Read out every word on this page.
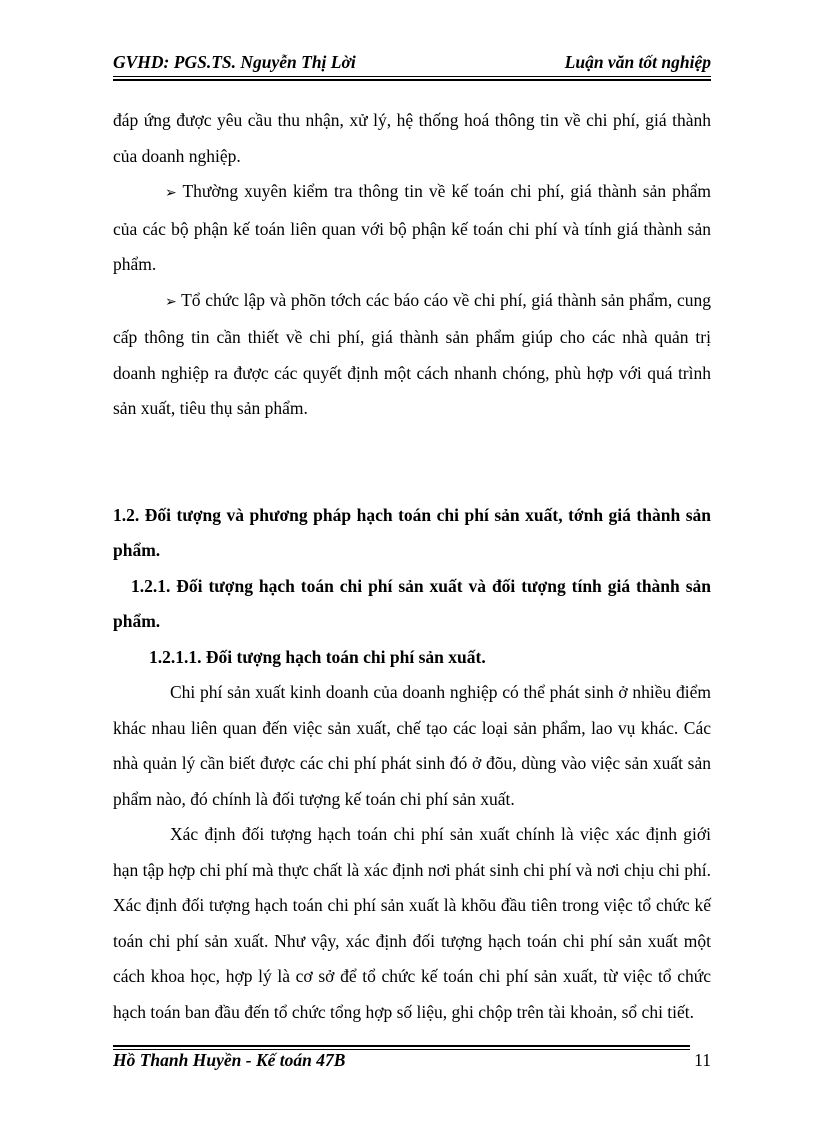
GVHD: PGS.TS. Nguyễn Thị Lời	Luận văn tốt nghiệp

đáp ứng được yêu cầu thu nhận, xử lý, hệ thống hoá thông tin về chi phí, giá thành của doanh nghiệp.

➢ Thường xuyên kiểm tra thông tin về kế toán chi phí, giá thành sản phẩm của các bộ phận kế toán liên quan với bộ phận kế toán chi phí và tính giá thành sản phẩm.

➢ Tổ chức lập và phõn tớch các báo cáo về chi phí, giá thành sản phẩm, cung cấp thông tin cần thiết về chi phí, giá thành sản phẩm giúp cho các nhà quản trị doanh nghiệp ra được các quyết định một cách nhanh chóng, phù hợp với quá trình sản xuất, tiêu thụ sản phẩm.

1.2. Đối tượng và phương pháp hạch toán chi phí sản xuất, tớnh giá thành sản phẩm.

1.2.1. Đối tượng hạch toán chi phí sản xuất và đối tượng tính giá thành sản phẩm.

1.2.1.1. Đối tượng hạch toán chi phí sản xuất.

Chi phí sản xuất kinh doanh của doanh nghiệp có thể phát sinh ở nhiều điểm khác nhau liên quan đến việc sản xuất, chế tạo các loại sản phẩm, lao vụ khác. Các nhà quản lý cần biết được các chi phí phát sinh đó ở đõu, dùng vào việc sản xuất sản phẩm nào, đó chính là đối tượng kế toán chi phí sản xuất.

Xác định đối tượng hạch toán chi phí sản xuất chính là việc xác định giới hạn tập hợp chi phí mà thực chất là xác định nơi phát sinh chi phí và nơi chịu chi phí. Xác định đối tượng hạch toán chi phí sản xuất là khõu đầu tiên trong việc tổ chức kế toán chi phí sản xuất. Như vậy, xác định đối tượng hạch toán chi phí sản xuất một cách khoa học, hợp lý là cơ sở để tổ chức kế toán chi phí sản xuất, từ việc tổ chức hạch toán ban đầu đến tổ chức tổng hợp số liệu, ghi chộp trên tài khoản, sổ chi tiết.

Hồ Thanh Huyền - Kế toán 47B	11
